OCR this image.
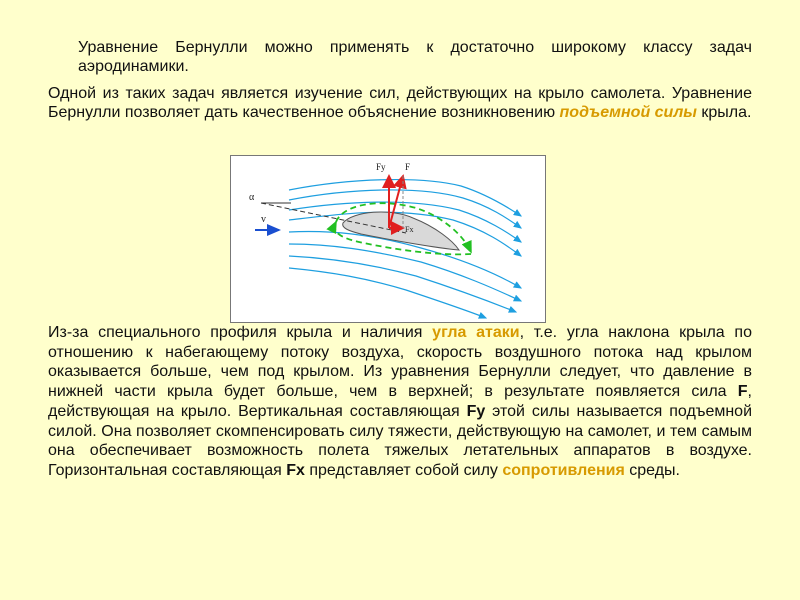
Уравнение Бернулли можно применять к достаточно широкому классу задач аэродинамики.

Одной из таких задач является изучение сил, действующих на крыло самолета. Уравнение Бернулли позволяет дать качественное объяснение возникновению подъемной силы крыла.

Fy F
Fx
α
v

Из-за специального профиля крыла и наличия угла атаки, т.е. угла наклона крыла по отношению к набегающему потоку воздуха, скорость воздушного потока над крылом оказывается больше, чем под крылом. Из уравнения Бернулли следует, что давление в нижней части крыла будет больше, чем в верхней; в результате появляется сила F, действующая на крыло. Вертикальная составляющая Fy этой силы называется подъемной силой. Она позволяет скомпенсировать силу тяжести, действующую на самолет, и тем самым она обеспечивает возможность полета тяжелых летательных аппаратов в воздухе. Горизонтальная составляющая Fx представляет собой силу сопротивления среды.
